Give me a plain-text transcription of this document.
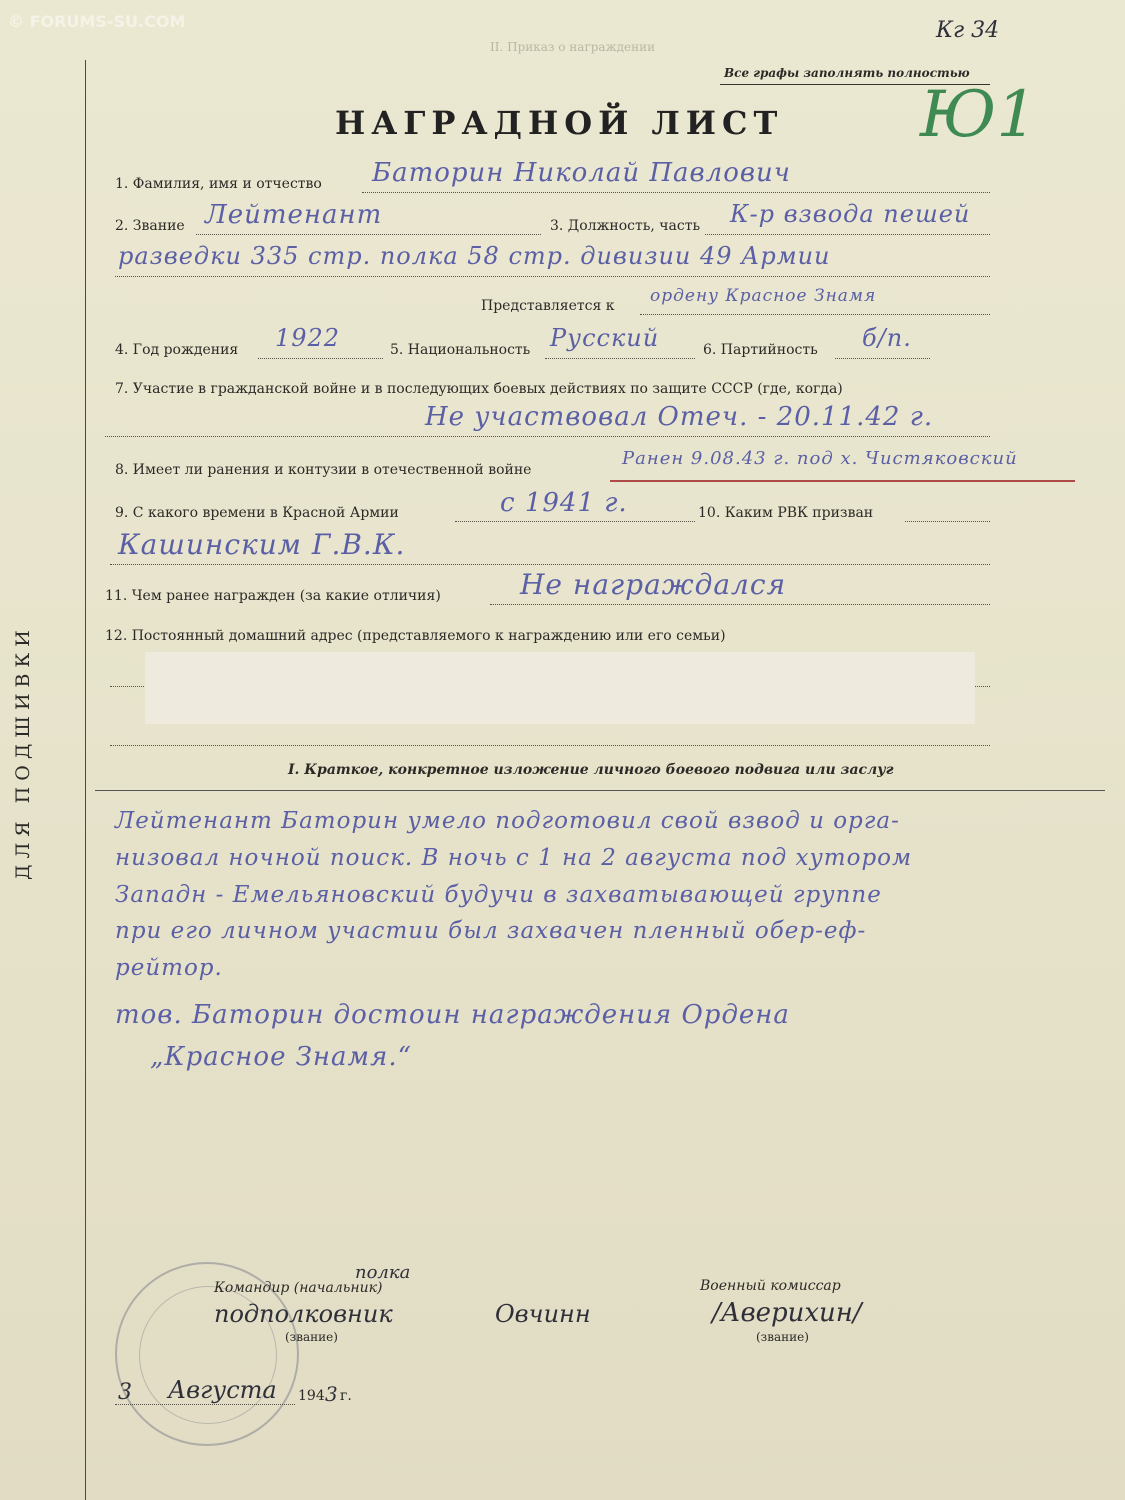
© FORUMS-SU.COM	Кг 34
II. Приказ о награждении
ДЛЯ ПОДШИВКИ
Все графы заполнять полностью
Ю1
НАГРАДНОЙ ЛИСТ
1. Фамилия, имя и отчество Баторин Николай Павлович
2. Звание Лейтенант	3. Должность, часть К-р взвода пешей
разведки 335 стр. полка 58 стр. дивизии 49 Армии
Представляется к ордену Красное Знамя
4. Год рождения 1922	5. Национальность Русский	6. Партийность б/п.
7. Участие в гражданской войне и в последующих боевых действиях по защите СССР (где, когда)
Не участвовал Отеч. - 20.11.42 г.
8. Имеет ли ранения и контузии в отечественной войне
Ранен 9.08.43 г. под х. Чистяковский
9. С какого времени в Красной Армии	с 1941 г.	10. Каким РВК призван
Кашинским Г.В.К.
11. Чем ранее награжден (за какие отличия)	Не награждался
12. Постоянный домашний адрес (представляемого к награждению или его семьи)
I. Краткое, конкретное изложение личного боевого подвига или заслуг
Лейтенант Баторин умело подготовил свой взвод и орга-
низовал ночной поиск. В ночь с 1 на 2 августа под хутором
Западн - Емельяновский будучи в захватывающей группе
при его личном участии был захвачен пленный обер-еф-
рейтор.
тов. Баторин достоин награждения Ордена
„Красное Знамя.“
Командир (начальник)
полка
подполковник	Овчинн
(звание)
Военный комиссар
/Аверихин/
(звание)
3 Августа 194 3 г.
